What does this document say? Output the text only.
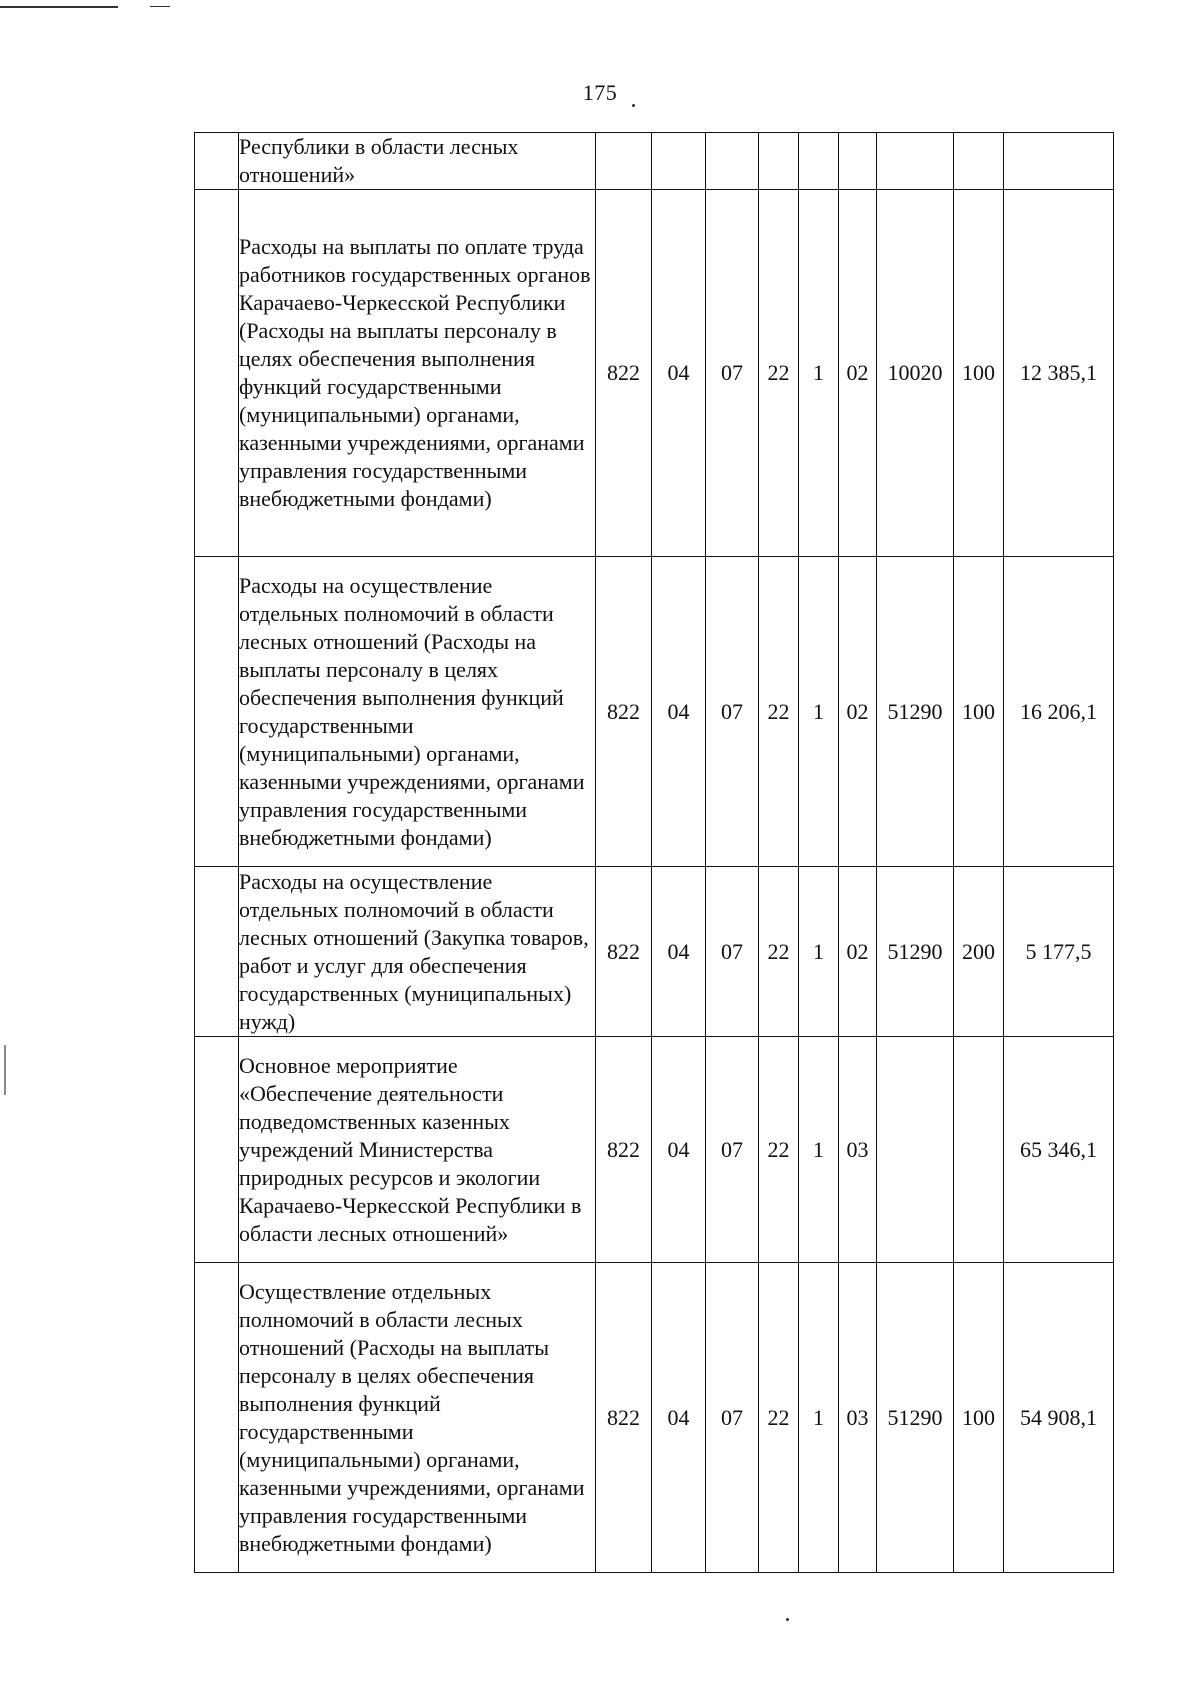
175
	Республики в области лесных отношений»									
	Расходы на выплаты по оплате труда работников государственных органов Карачаево-Черкесской Республики (Расходы на выплаты персоналу в целях обеспечения выполнения функций государственными (муниципальными) органами, казенными учреждениями, органами управления государственными внебюджетными фондами)	822	04	07	22	1	02	10020	100	12 385,1
	Расходы на осуществление отдельных полномочий в области лесных отношений (Расходы на выплаты персоналу в целях обеспечения выполнения функций государственными (муниципальными) органами, казенными учреждениями, органами управления государственными внебюджетными фондами)	822	04	07	22	1	02	51290	100	16 206,1
	Расходы на осуществление отдельных полномочий в области лесных отношений (Закупка товаров, работ и услуг для обеспечения государственных (муниципальных) нужд)	822	04	07	22	1	02	51290	200	5 177,5
	Основное мероприятие «Обеспечение деятельности подведомственных казенных учреждений Министерства природных ресурсов и экологии Карачаево-Черкесской Республики в области лесных отношений»	822	04	07	22	1	03			65 346,1
	Осуществление отдельных полномочий в области лесных отношений (Расходы на выплаты персоналу в целях обеспечения выполнения функций государственными (муниципальными) органами, казенными учреждениями, органами управления государственными внебюджетными фондами)	822	04	07	22	1	03	51290	100	54 908,1
